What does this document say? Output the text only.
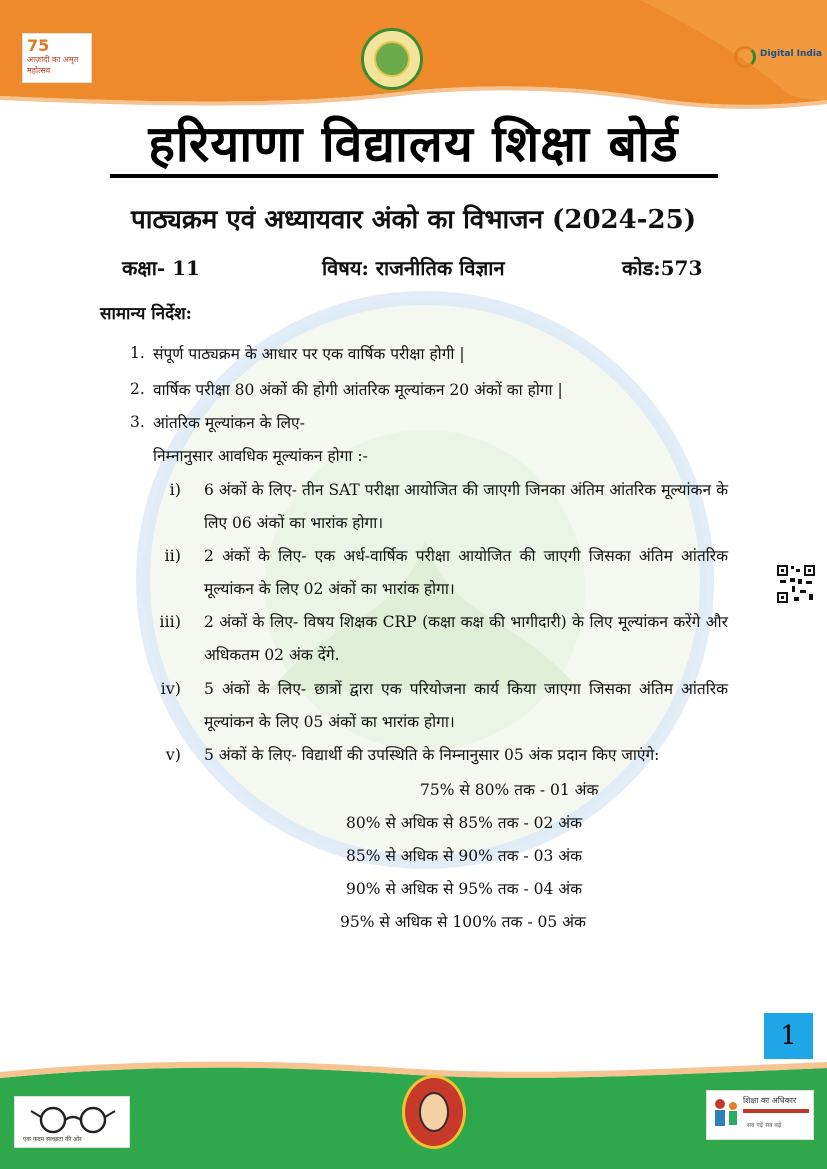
75
आज़ादी का अमृत महोत्सव
Digital India
हरियाणा विद्यालय शिक्षा बोर्ड
पाठ्यक्रम एवं अध्यायवार अंको का विभाजन (2024-25)
कक्षा- 11	विषय: राजनीतिक विज्ञान	कोड:573
सामान्य निर्देश:
1. संपूर्ण पाठ्यक्रम के आधार पर एक वार्षिक परीक्षा होगी |
2. वार्षिक परीक्षा 80 अंकों की होगी आंतरिक मूल्यांकन 20 अंकों का होगा |
3. आंतरिक मूल्यांकन के लिए-
निम्नानुसार आवधिक मूल्यांकन होगा :-
i) 6 अंकों के लिए- तीन SAT परीक्षा आयोजित की जाएगी जिनका अंतिम आंतरिक मूल्यांकन के लिए 06 अंकों का भारांक होगा।
ii) 2 अंकों के लिए- एक अर्ध-वार्षिक परीक्षा आयोजित की जाएगी जिसका अंतिम आंतरिक मूल्यांकन के लिए 02 अंकों का भारांक होगा।
iii) 2 अंकों के लिए- विषय शिक्षक CRP (कक्षा कक्ष की भागीदारी) के लिए मूल्यांकन करेंगे और अधिकतम 02 अंक देंगे.
iv) 5 अंकों के लिए- छात्रों द्वारा एक परियोजना कार्य किया जाएगा जिसका अंतिम आंतरिक मूल्यांकन के लिए 05 अंकों का भारांक होगा।
v) 5 अंकों के लिए- विद्यार्थी की उपस्थिति के निम्नानुसार 05 अंक प्रदान किए जाएंगे:
75% से 80% तक - 01 अंक
80% से अधिक से 85% तक - 02 अंक
85% से अधिक से 90% तक - 03 अंक
90% से अधिक से 95% तक - 04 अंक
95% से अधिक से 100% तक - 05 अंक
1
एक कदम स्वच्छता की ओर
शिक्षा का अधिकार
सब पढ़ें सब बढ़ें
